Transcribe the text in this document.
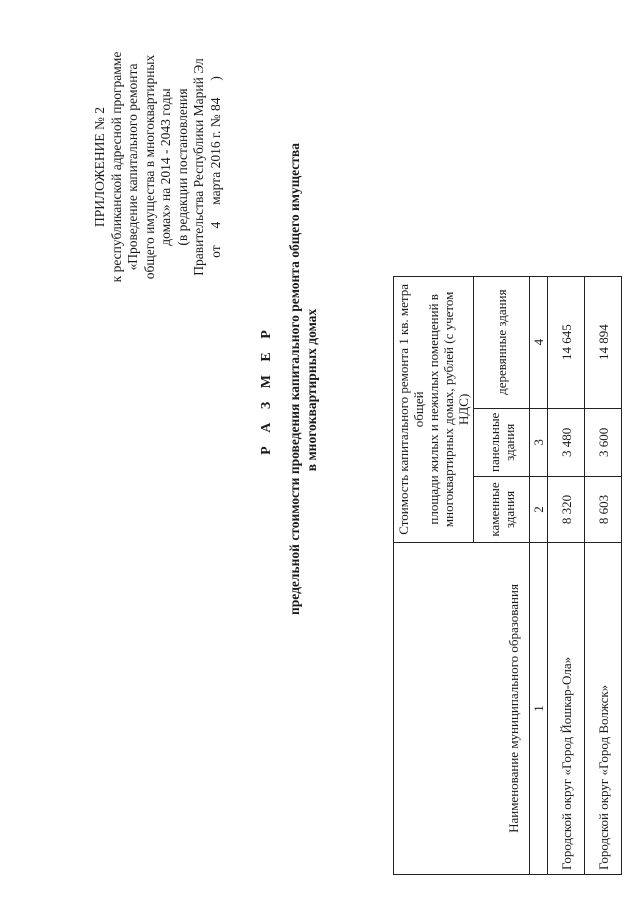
ПРИЛОЖЕНИЕ № 2 к республиканской адресной программе «Проведение капитального ремонта общего имущества в многоквартирных домах» на 2014 - 2043 годы (в редакции постановления Правительства Республики Марий Эл от     4     марта 2016 г. № 84     )
Р А З М Е Р предельной стоимости проведения капитального ремонта общего имущества в многоквартирных домах
Наименование муниципального образования	Стоимость капитального ремонта 1 кв. метра общей площади жилых и нежилых помещений в многоквартирных домах, рублей (с учетом НДС)		

	каменные здания	панельные здания	деревянные здания
1	2	3	4
Городской округ «Город Йошкар-Ола»	8 320	3 480	14 645
Городской округ «Город Волжск»	8 603	3 600	14 894
